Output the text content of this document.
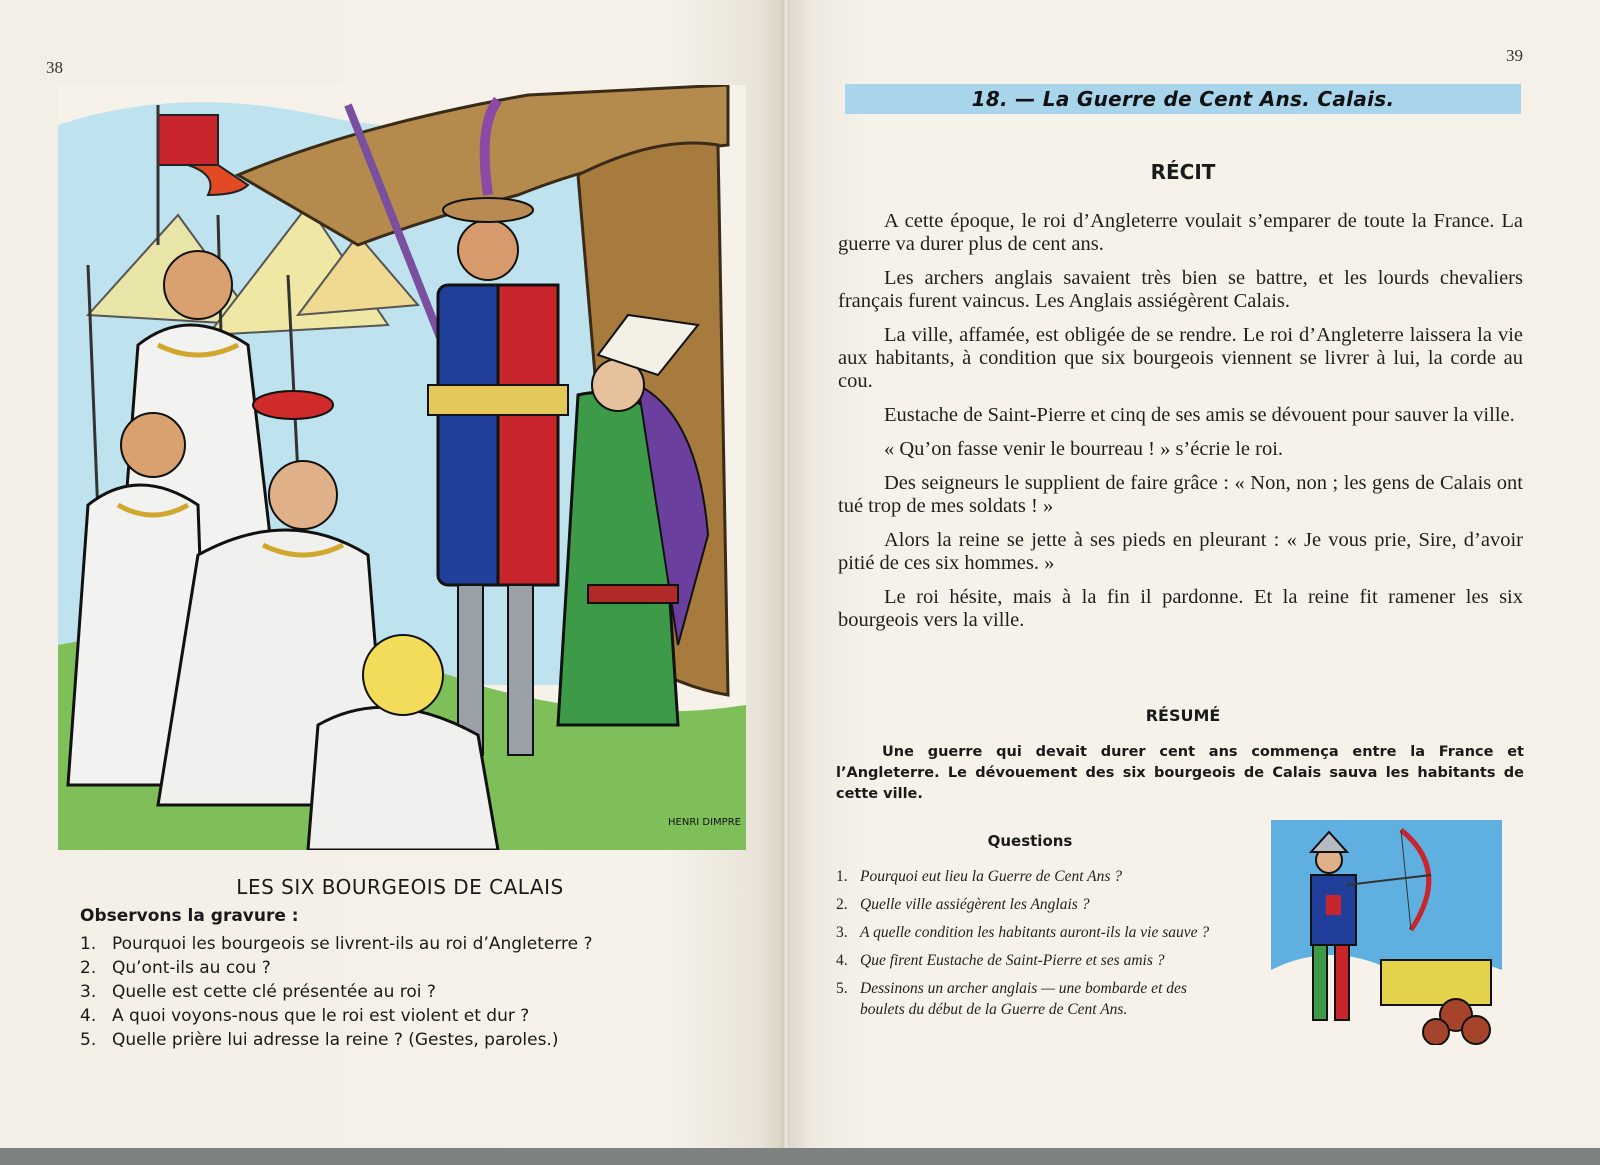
38
HENRI DIMPRE
LES SIX BOURGEOIS DE CALAIS
Observons la gravure :
1. Pourquoi les bourgeois se livrent-ils au roi d’Angleterre ?
2. Qu’ont-ils au cou ?
3. Quelle est cette clé présentée au roi ?
4. A quoi voyons-nous que le roi est violent et dur ?
5. Quelle prière lui adresse la reine ? (Gestes, paroles.)
39
18. — La Guerre de Cent Ans. Calais.
RÉCIT

A cette époque, le roi d’Angleterre voulait s’emparer de toute la France. La guerre va durer plus de cent ans.

Les archers anglais savaient très bien se battre, et les lourds chevaliers français furent vaincus. Les Anglais assiégèrent Calais.

La ville, affamée, est obligée de se rendre. Le roi d’Angleterre laissera la vie aux habitants, à condition que six bourgeois viennent se livrer à lui, la corde au cou.

Eustache de Saint-Pierre et cinq de ses amis se dévouent pour sauver la ville.

« Qu’on fasse venir le bourreau ! » s’écrie le roi.

Des seigneurs le supplient de faire grâce : « Non, non ; les gens de Calais ont tué trop de mes soldats ! »

Alors la reine se jette à ses pieds en pleurant : « Je vous prie, Sire, d’avoir pitié de ces six hommes. »

Le roi hésite, mais à la fin il pardonne. Et la reine fit ramener les six bourgeois vers la ville.

RÉSUMÉ
Une guerre qui devait durer cent ans commença entre la France et l’Angleterre. Le dévouement des six bourgeois de Calais sauva les habitants de cette ville.
Questions
1. Pourquoi eut lieu la Guerre de Cent Ans ?
2. Quelle ville assiégèrent les Anglais ?
3. A quelle condition les habitants auront-ils la vie sauve ?
4. Que firent Eustache de Saint-Pierre et ses amis ?
5. Dessinons un archer anglais — une bombarde et des boulets du début de la Guerre de Cent Ans.
